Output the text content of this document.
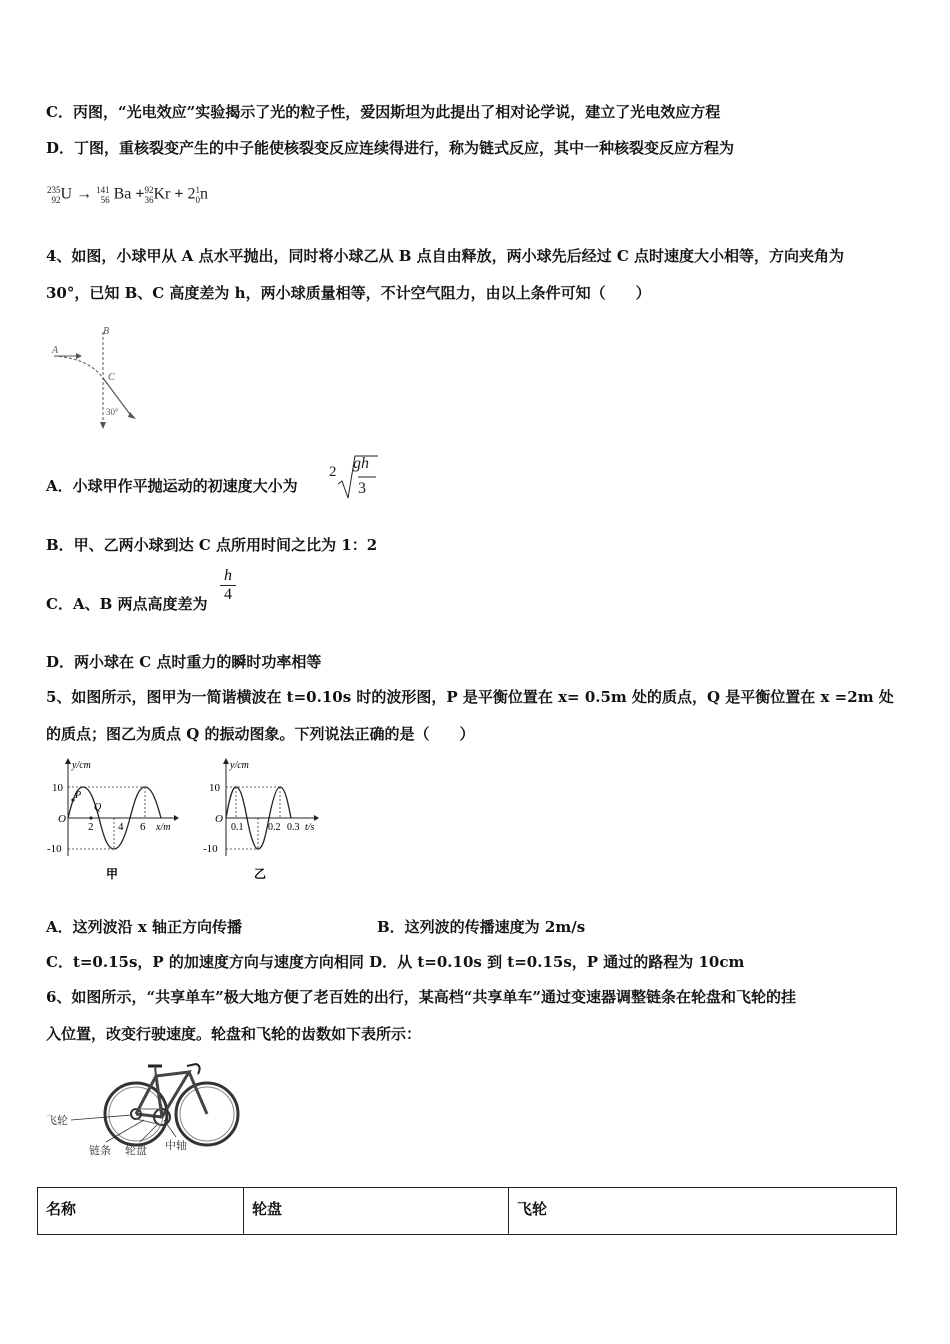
C．丙图，“光电效应”实验揭示了光的粒子性，爱因斯坦为此提出了相对论学说，建立了光电效应方程
D．丁图，重核裂变产生的中子能使核裂变反应连续得进行，称为链式反应，其中一种核裂变反应方程为
235
92 U → 141
56 Ba + 92
36 Kr + 2 1
0 n
4、如图，小球甲从 A 点水平抛出，同时将小球乙从 B 点自由释放，两小球先后经过 C 点时速度大小相等，方向夹角为
30°，已知 B、C 高度差为 h，两小球质量相等，不计空气阻力，由以上条件可知（　　）
B
A
C
30°
A．小球甲作平抛运动的初速度大小为
2 gh
3
B．甲、乙两小球到达 C 点所用时间之比为 1：2
C．A、B 两点高度差为 $\frac{h}{4}$
D．两小球在 C 点时重力的瞬时功率相等
5、如图所示，图甲为一简谐横波在 t=0.10s 时的波形图，P 是平衡位置在 x= 0.5m 处的质点，Q 是平衡位置在 x =2m 处
的质点；图乙为质点 Q 的振动图象。下列说法正确的是（　　）
y/cm
10
-10
O
P
Q
2 4 6 x/m
甲
y/cm
10
-10
O
0.1 0.2 0.3 t/s
乙
A．这列波沿 x 轴正方向传播	B．这列波的传播速度为 2m/s
C．t=0.15s，P 的加速度方向与速度方向相同 D．从 t=0.10s 到 t=0.15s，P 通过的路程为 10cm
6、如图所示，“共享单车”极大地方便了老百姓的出行，某高档“共享单车”通过变速器调整链条在轮盘和飞轮的挂
入位置，改变行驶速度。轮盘和飞轮的齿数如下表所示：
飞轮
链条 轮盘 中轴
名称	轮盘	飞轮
